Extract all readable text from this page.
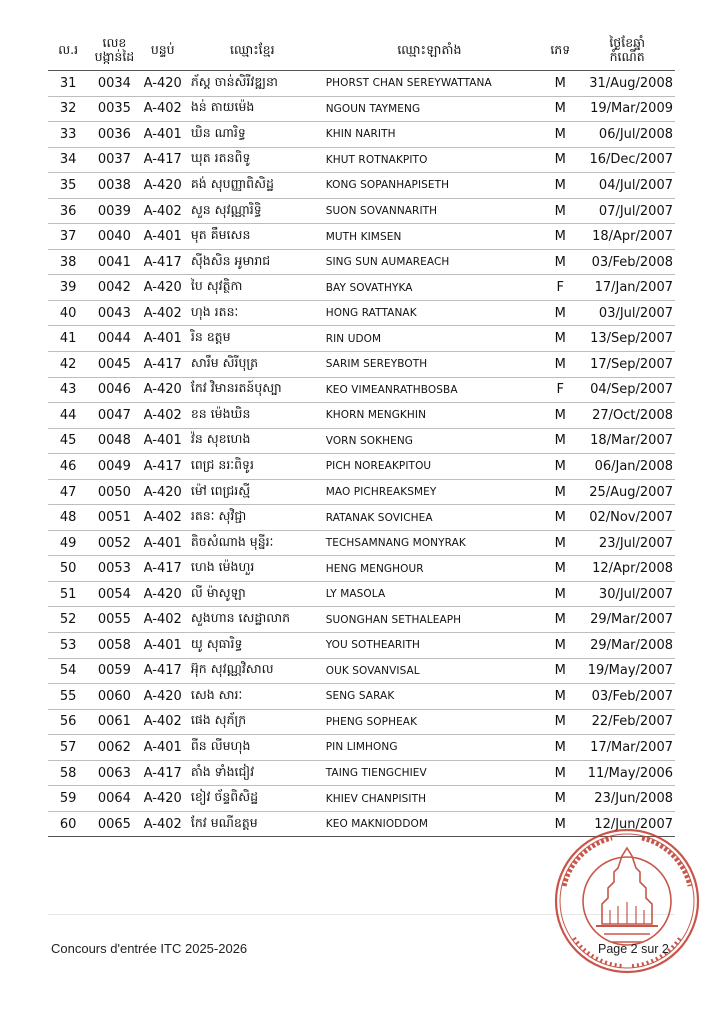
ល.រ	លេខ បង្កាន់ដៃ	បន្ទប់	ឈ្មោះខ្មែរ	ឈ្មោះឡាតាំង	ភេទ	ថ្ងៃខែឆ្នាំ កំណើត

31	0034	A-420	ភ័ស្ត ចាន់សិរីវឌ្ឍនា	PHORST CHAN SEREYWATTANA	M	31/Aug/2008
32	0035	A-402	ងន់ តាយម៉េង	NGOUN TAYMENG	M	19/Mar/2009
33	0036	A-401	ឃិន ណារិទ្ធ	KHIN NARITH	M	06/Jul/2008
34	0037	A-417	ឃុត រតនពិទូ	KHUT ROTNAKPITO	M	16/Dec/2007
35	0038	A-420	គង់ សុបញ្ញាពិសិដ្ឋ	KONG SOPANHAPISETH	M	04/Jul/2007
36	0039	A-402	សួន សុវណ្ណារិទ្ធិ	SUON SOVANNARITH	M	07/Jul/2007
37	0040	A-401	មុត គឹមសេន	MUTH KIMSEN	M	18/Apr/2007
38	0041	A-417	ស៊ីងសិន អូមារាជ	SING SUN AUMAREACH	M	03/Feb/2008
39	0042	A-420	បៃ សុវត្ថិកា	BAY SOVATHYKA	F	17/Jan/2007
40	0043	A-402	ហុង រតនៈ	HONG RATTANAK	M	03/Jul/2007
41	0044	A-401	រិន ឧត្តម	RIN UDOM	M	13/Sep/2007
42	0045	A-417	សារឹម សិរីបុត្រ	SARIM SEREYBOTH	M	17/Sep/2007
43	0046	A-420	កែវ វិមានរតន៍បុស្បា	KEO VIMEANRATHBOSBA	F	04/Sep/2007
44	0047	A-402	ខន ម៉េងឃិន	KHORN MENGKHIN	M	27/Oct/2008
45	0048	A-401	វ៉ន សុខហេង	VORN SOKHENG	M	18/Mar/2007
46	0049	A-417	ពេជ្រ នរៈពិទូរ	PICH NOREAKPITOU	M	06/Jan/2008
47	0050	A-420	ម៉ៅ ពេជ្ររស្មី	MAO PICHREAKSMEY	M	25/Aug/2007
48	0051	A-402	រតនៈ សុវិជ្ជា	RATANAK SOVICHEA	M	02/Nov/2007
49	0052	A-401	តិចសំណាង មុន្នីរៈ	TECHSAMNANG MONYRAK	M	23/Jul/2007
50	0053	A-417	ហេង ម៉េងហួរ	HENG MENGHOUR	M	12/Apr/2008
51	0054	A-420	លី ម៉ាសូឡា	LY MASOLA	M	30/Jul/2007
52	0055	A-402	សួងហាន សេដ្ឋាលាភ	SUONGHAN SETHALEAPH	M	29/Mar/2007
53	0058	A-401	យូ សុធារិទ្ធ	YOU SOTHEARITH	M	29/Mar/2008
54	0059	A-417	អ៊ុក សុវណ្ណវិសាល	OUK SOVANVISAL	M	19/May/2007
55	0060	A-420	សេង សារៈ	SENG SARAK	M	03/Feb/2007
56	0061	A-402	ផេង សុភ័ក្រ	PHENG SOPHEAK	M	22/Feb/2007
57	0062	A-401	ពីន លីមហុង	PIN LIMHONG	M	17/Mar/2007
58	0063	A-417	តាំង ទាំងជៀវ	TAING TIENGCHIEV	M	11/May/2006
59	0064	A-420	ខៀវ ច័ន្ទពិសិដ្ឋ	KHIEV CHANPISITH	M	23/Jun/2008
60	0065	A-402	កែវ មណីឧត្តម	KEO MAKNIODDOM	M	12/Jun/2007
Concours d'entrée ITC 2025-2026	Page 2 sur 2
